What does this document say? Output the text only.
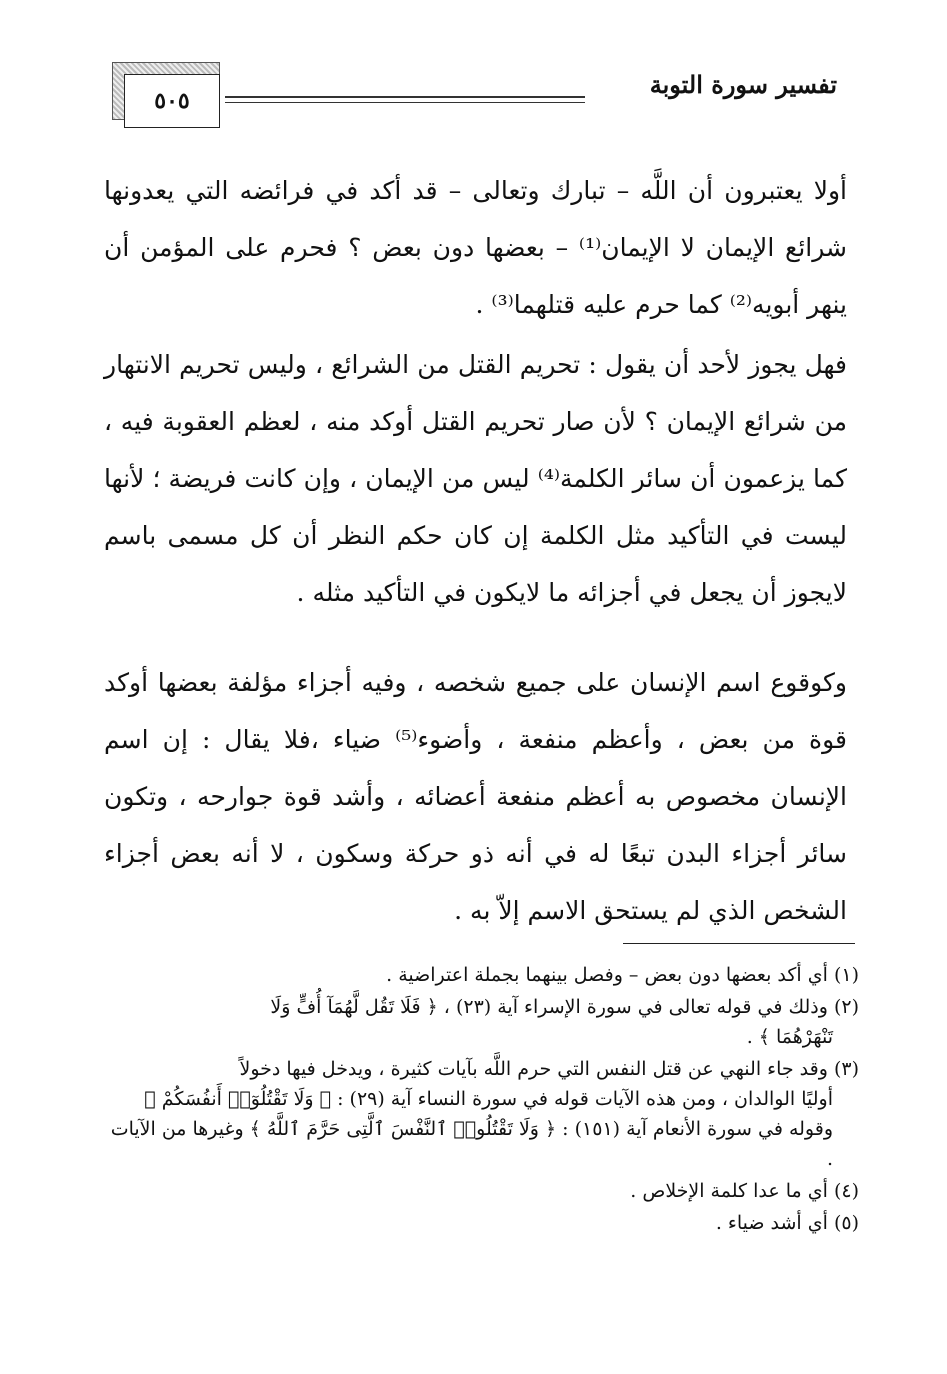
تفسير سورة التوبة
٥٠٥

أولا يعتبرون أن اللَّه – تبارك وتعالى – قد أكد في فرائضه التي يعدونها شرائع الإيمان لا الإيمان⁽¹⁾ – بعضها دون بعض ؟ فحرم على المؤمن أن ينهر أبويه⁽²⁾ كما حرم عليه قتلهما⁽³⁾ .

فهل يجوز لأحد أن يقول : تحريم القتل من الشرائع ، وليس تحريم الانتهار من شرائع الإيمان ؟ لأن صار تحريم القتل أوكد منه ، لعظم العقوبة فيه ، كما يزعمون أن سائر الكلمة⁽⁴⁾ ليس من الإيمان ، وإن كانت فريضة ؛ لأنها ليست في التأكيد مثل الكلمة إن كان حكم النظر أن كل مسمى باسم لايجوز أن يجعل في أجزائه ما لايكون في التأكيد مثله .

وكوقوع اسم الإنسان على جميع شخصه ، وفيه أجزاء مؤلفة بعضها أوكد قوة من بعض ، وأعظم منفعة ، وأضوء⁽⁵⁾ ضياء ،فلا يقال : إن اسم الإنسان مخصوص به أعظم منفعة أعضائه ، وأشد قوة جوارحه ، وتكون سائر أجزاء البدن تبعًا له في أنه ذو حركة وسكون ، لا أنه بعض أجزاء الشخص الذي لم يستحق الاسم إلاّ به .

(١) أي أكد بعضها دون بعض – وفصل بينهما بجملة اعتراضية .
(٢) وذلك في قوله تعالى في سورة الإسراء آية (٢٣) ، ﴿ فَلَا تَقُل لَّهُمَآ أُفٍّ وَلَا
تَنْهَرْهُمَا ﴾ .
(٣) وقد جاء النهي عن قتل النفس التي حرم اللَّه بآيات كثيرة ، ويدخل فيها دخولاً
أوليًا الوالدان ، ومن هذه الآيات قوله في سورة النساء آية (٢٩) : ﴿ وَلَا تَقْتُلُوٓا۟ أَنفُسَكُمْ ﴾ وقوله في سورة الأنعام آية (١٥١) : ﴿ وَلَا تَقْتُلُوا۟ ٱلنَّفْسَ ٱلَّتِى حَرَّمَ ٱللَّهُ ﴾ وغيرها من الآيات .
(٤) أي ما عدا كلمة الإخلاص .
(٥) أي أشد ضياء .
